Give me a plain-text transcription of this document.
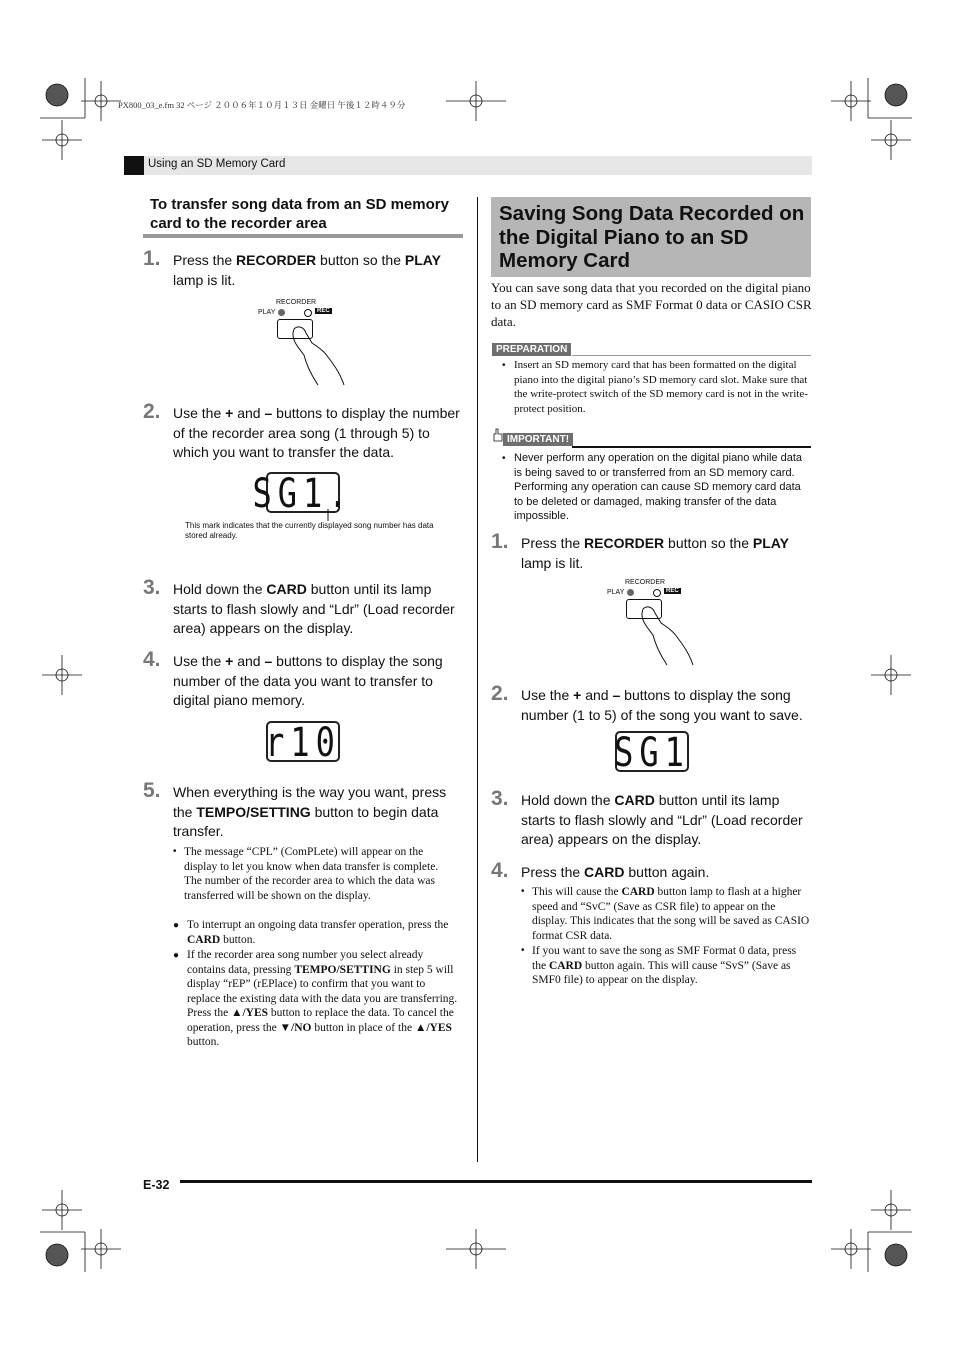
PX800_03_e.fm 32 ページ ２００６年１０月１３日 金曜日 午後１２時４９分
Using an SD Memory Card
To transfer song data from an SD memory card to the recorder area
1. Press the RECORDER button so the PLAY lamp is lit.
RECORDER
PLAY	REC
2. Use the + and – buttons to display the number of the recorder area song (1 through 5) to which you want to transfer the data.
SG1.
This mark indicates that the currently displayed song number has data stored already.
3. Hold down the CARD button until its lamp starts to flash slowly and “Ldr” (Load recorder area) appears on the display.
4. Use the + and – buttons to display the song number of the data you want to transfer to digital piano memory.
r10
5. When everything is the way you want, press the TEMPO/SETTING button to begin data transfer.
• The message “CPL” (ComPLete) will appear on the display to let you know when data transfer is complete. The number of the recorder area to which the data was transferred will be shown on the display.
● To interrupt an ongoing data transfer operation, press the CARD button.
● If the recorder area song number you select already contains data, pressing TEMPO/SETTING in step 5 will display “rEP” (rEPlace) to confirm that you want to replace the existing data with the data you are transferring. Press the ▲/YES button to replace the data. To cancel the operation, press the ▼/NO button in place of the ▲/YES button.
Saving Song Data Recorded on the Digital Piano to an SD Memory Card
You can save song data that you recorded on the digital piano to an SD memory card as SMF Format 0 data or CASIO CSR data.
PREPARATION
• Insert an SD memory card that has been formatted on the digital piano into the digital piano’s SD memory card slot. Make sure that the write-protect switch of the SD memory card is not in the write-protect position.
IMPORTANT!
• Never perform any operation on the digital piano while data is being saved to or transferred from an SD memory card. Performing any operation can cause SD memory card data to be deleted or damaged, making transfer of the data impossible.
1. Press the RECORDER button so the PLAY lamp is lit.
RECORDER
PLAY	REC
2. Use the + and – buttons to display the song number (1 to 5) of the song you want to save.
SG1
3. Hold down the CARD button until its lamp starts to flash slowly and “Ldr” (Load recorder area) appears on the display.
4. Press the CARD button again.
• This will cause the CARD button lamp to flash at a higher speed and “SvC” (Save as CSR file) to appear on the display. This indicates that the song will be saved as CASIO format CSR data.
• If you want to save the song as SMF Format 0 data, press the CARD button again. This will cause “SvS” (Save as SMF0 file) to appear on the display.
E-32
